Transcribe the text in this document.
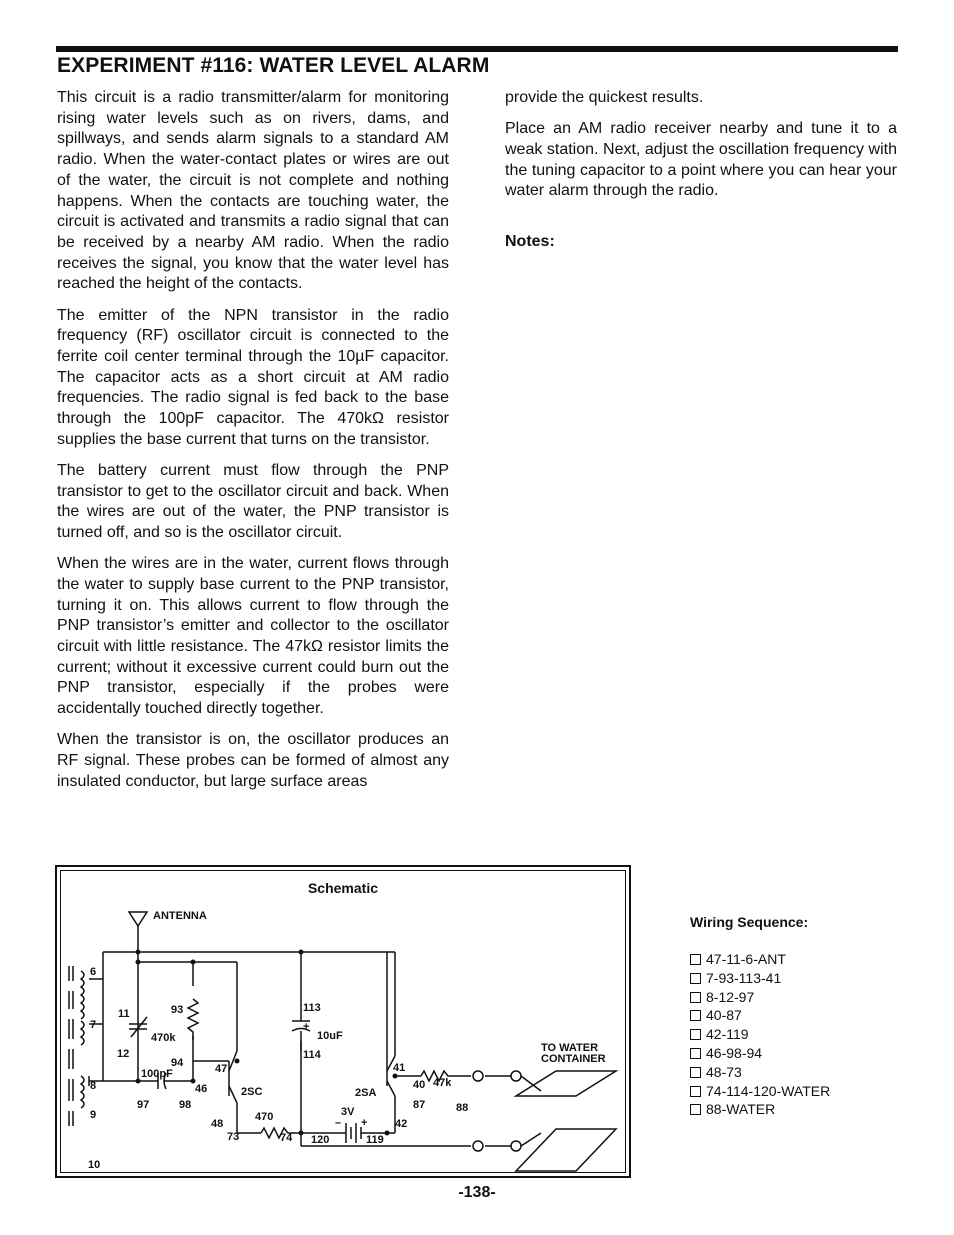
EXPERIMENT #116: WATER LEVEL ALARM

This circuit is a radio transmitter/alarm for monitoring rising water levels such as on rivers, dams, and spillways, and sends alarm signals to a standard AM radio. When the water-contact plates or wires are out of the water, the circuit is not complete and nothing happens. When the contacts are touching water, the circuit is activated and transmits a radio signal that can be received by a nearby AM radio. When the radio receives the signal, you know that the water level has reached the height of the contacts.

The emitter of the NPN transistor in the radio frequency (RF) oscillator circuit is connected to the ferrite coil center terminal through the 10µF capacitor. The capacitor acts as a short circuit at AM radio frequencies. The radio signal is fed back to the base through the 100pF capacitor. The 470kΩ resistor supplies the base current that turns on the transistor.

The battery current must flow through the PNP transistor to get to the oscillator circuit and back. When the wires are out of the water, the PNP transistor is turned off, and so is the oscillator circuit.

When the wires are in the water, current flows through the water to supply base current to the PNP transistor, turning it on. This allows current to flow through the PNP transistor’s emitter and collector to the oscillator circuit with little resistance. The 47kΩ resistor limits the current; without it excessive current could burn out the PNP transistor, especially if the probes were accidentally touched directly together.

When the transistor is on, the oscillator produces an RF signal. These probes can be formed of almost any insulated conductor, but large surface areas

provide the quickest results.

Place an AM radio receiver nearby and tune it to a weak station. Next, adjust the oscillation frequency with the tuning capacitor to a point where you can hear your water alarm through the radio.

Notes:

Schematic
ANTENNA
6
7
8
9
10
11
12
93
94
470k
100pF
97	98
46
47
2SC
48
73
470
74
113
114
10uF
+
3V
120	119
– +
2SA
41
42
40
87
47k
88
TO WATER
CONTAINER
Wiring Sequence:
47-11-6-ANT
7-93-113-41
8-12-97
40-87
42-119
46-98-94
48-73
74-114-120-WATER
88-WATER
-138-
